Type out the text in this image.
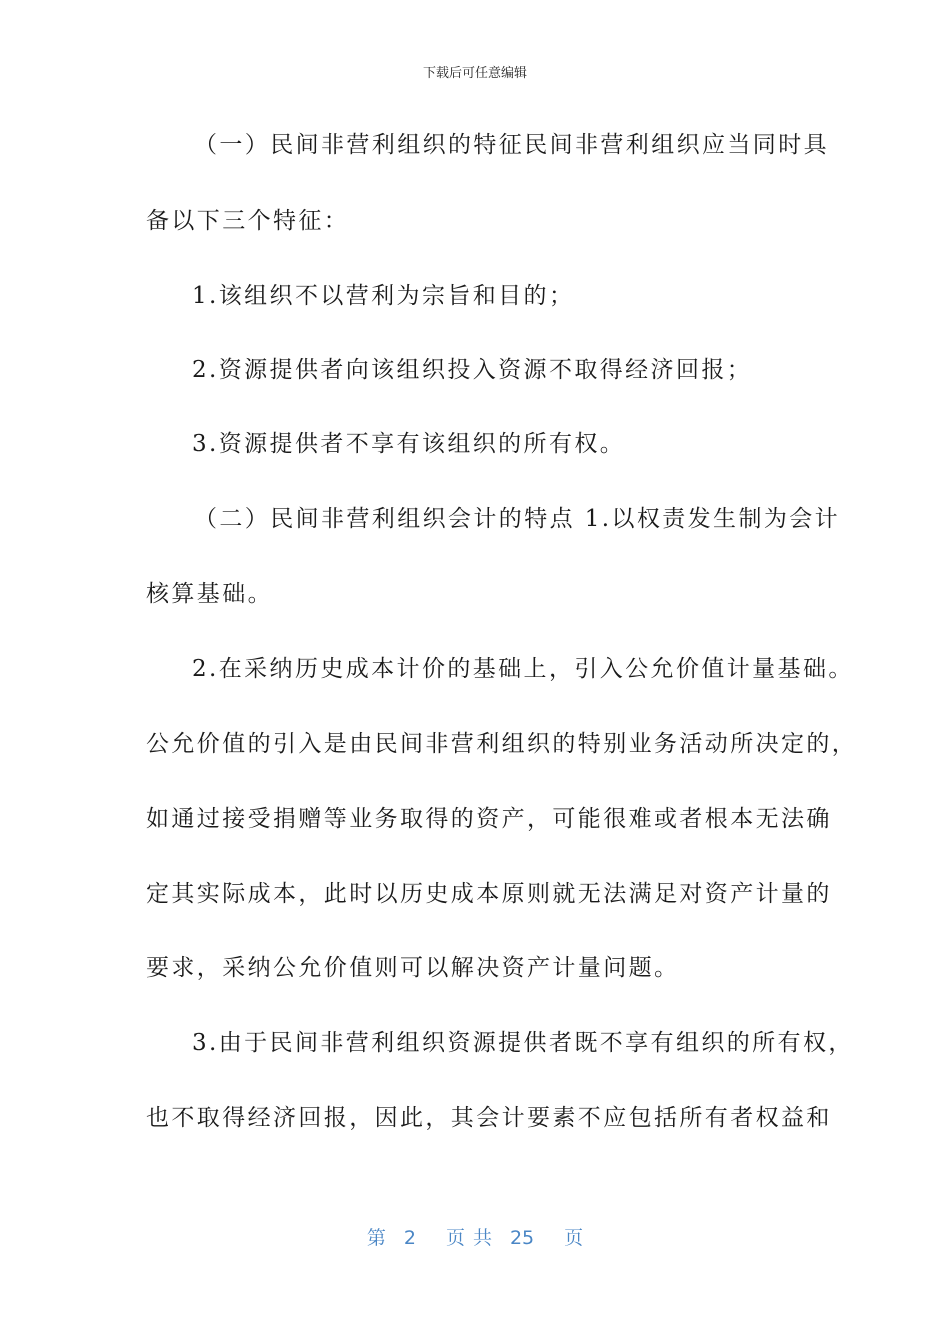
下载后可任意编辑
（一）民间非营利组织的特征民间非营利组织应当同时具
备以下三个特征：
1.该组织不以营利为宗旨和目的；
2.资源提供者向该组织投入资源不取得经济回报；
3.资源提供者不享有该组织的所有权。
（二）民间非营利组织会计的特点 1.以权责发生制为会计
核算基础。
2.在采纳历史成本计价的基础上，引入公允价值计量基础。
公允价值的引入是由民间非营利组织的特别业务活动所决定的，
如通过接受捐赠等业务取得的资产，可能很难或者根本无法确
定其实际成本，此时以历史成本原则就无法满足对资产计量的
要求，采纳公允价值则可以解决资产计量问题。
3.由于民间非营利组织资源提供者既不享有组织的所有权，
也不取得经济回报，因此，其会计要素不应包括所有者权益和
第 2 页 共 25 页
